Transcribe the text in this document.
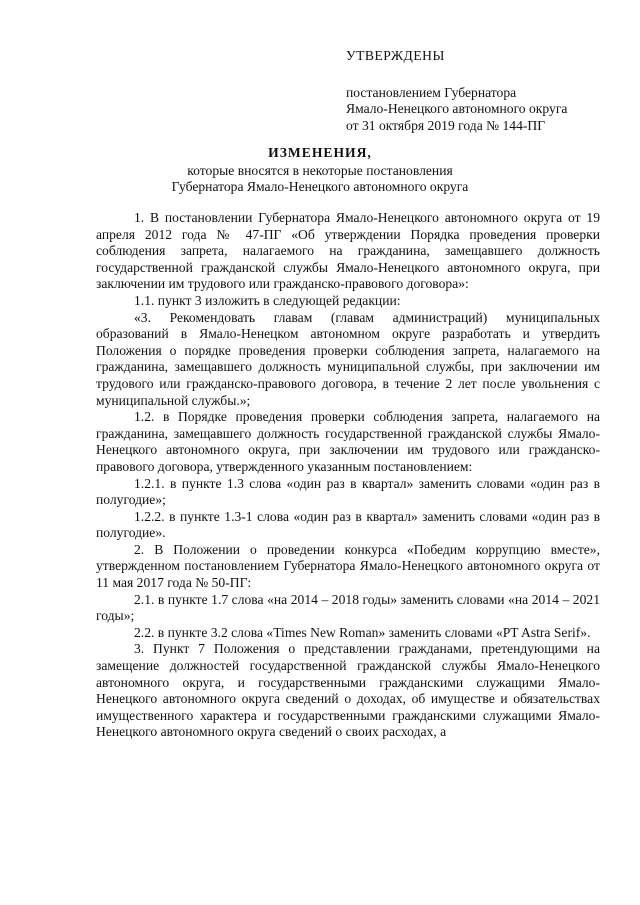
УТВЕРЖДЕНЫ
постановлением Губернатора
Ямало-Ненецкого автономного округа
от 31 октября 2019 года № 144-ПГ
ИЗМЕНЕНИЯ,
которые вносятся в некоторые постановления
Губернатора Ямало-Ненецкого автономного округа

1. В постановлении Губернатора Ямало-Ненецкого автономного округа от 19 апреля 2012 года № 47-ПГ «Об утверждении Порядка проведения проверки соблюдения запрета, налагаемого на гражданина, замещавшего должность государственной гражданской службы Ямало-Ненецкого автономного округа, при заключении им трудового или гражданско-правового договора»:

1.1. пункт 3 изложить в следующей редакции:

«3. Рекомендовать главам (главам администраций) муниципальных образований в Ямало-Ненецком автономном округе разработать и утвердить Положения о порядке проведения проверки соблюдения запрета, налагаемого на гражданина, замещавшего должность муниципальной службы, при заключении им трудового или гражданско-правового договора, в течение 2 лет после увольнения с муниципальной службы.»;

1.2. в Порядке проведения проверки соблюдения запрета, налагаемого на гражданина, замещавшего должность государственной гражданской службы Ямало-Ненецкого автономного округа, при заключении им трудового или гражданско-правового договора, утвержденного указанным постановлением:

1.2.1. в пункте 1.3 слова «один раз в квартал» заменить словами «один раз в полугодие»;

1.2.2. в пункте 1.3-1 слова «один раз в квартал» заменить словами «один раз в полугодие».

2. В Положении о проведении конкурса «Победим коррупцию вместе», утвержденном постановлением Губернатора Ямало-Ненецкого автономного округа от 11 мая 2017 года № 50-ПГ:

2.1. в пункте 1.7 слова «на 2014 – 2018 годы» заменить словами «на 2014 – 2021 годы»;

2.2. в пункте 3.2 слова «Times New Roman» заменить словами «PT Astra Serif».

3. Пункт 7 Положения о представлении гражданами, претендующими на замещение должностей государственной гражданской службы Ямало-Ненецкого автономного округа, и государственными гражданскими служащими Ямало-Ненецкого автономного округа сведений о доходах, об имуществе и обязательствах имущественного характера и государственными гражданскими служащими Ямало-Ненецкого автономного округа сведений о своих расходах, а
